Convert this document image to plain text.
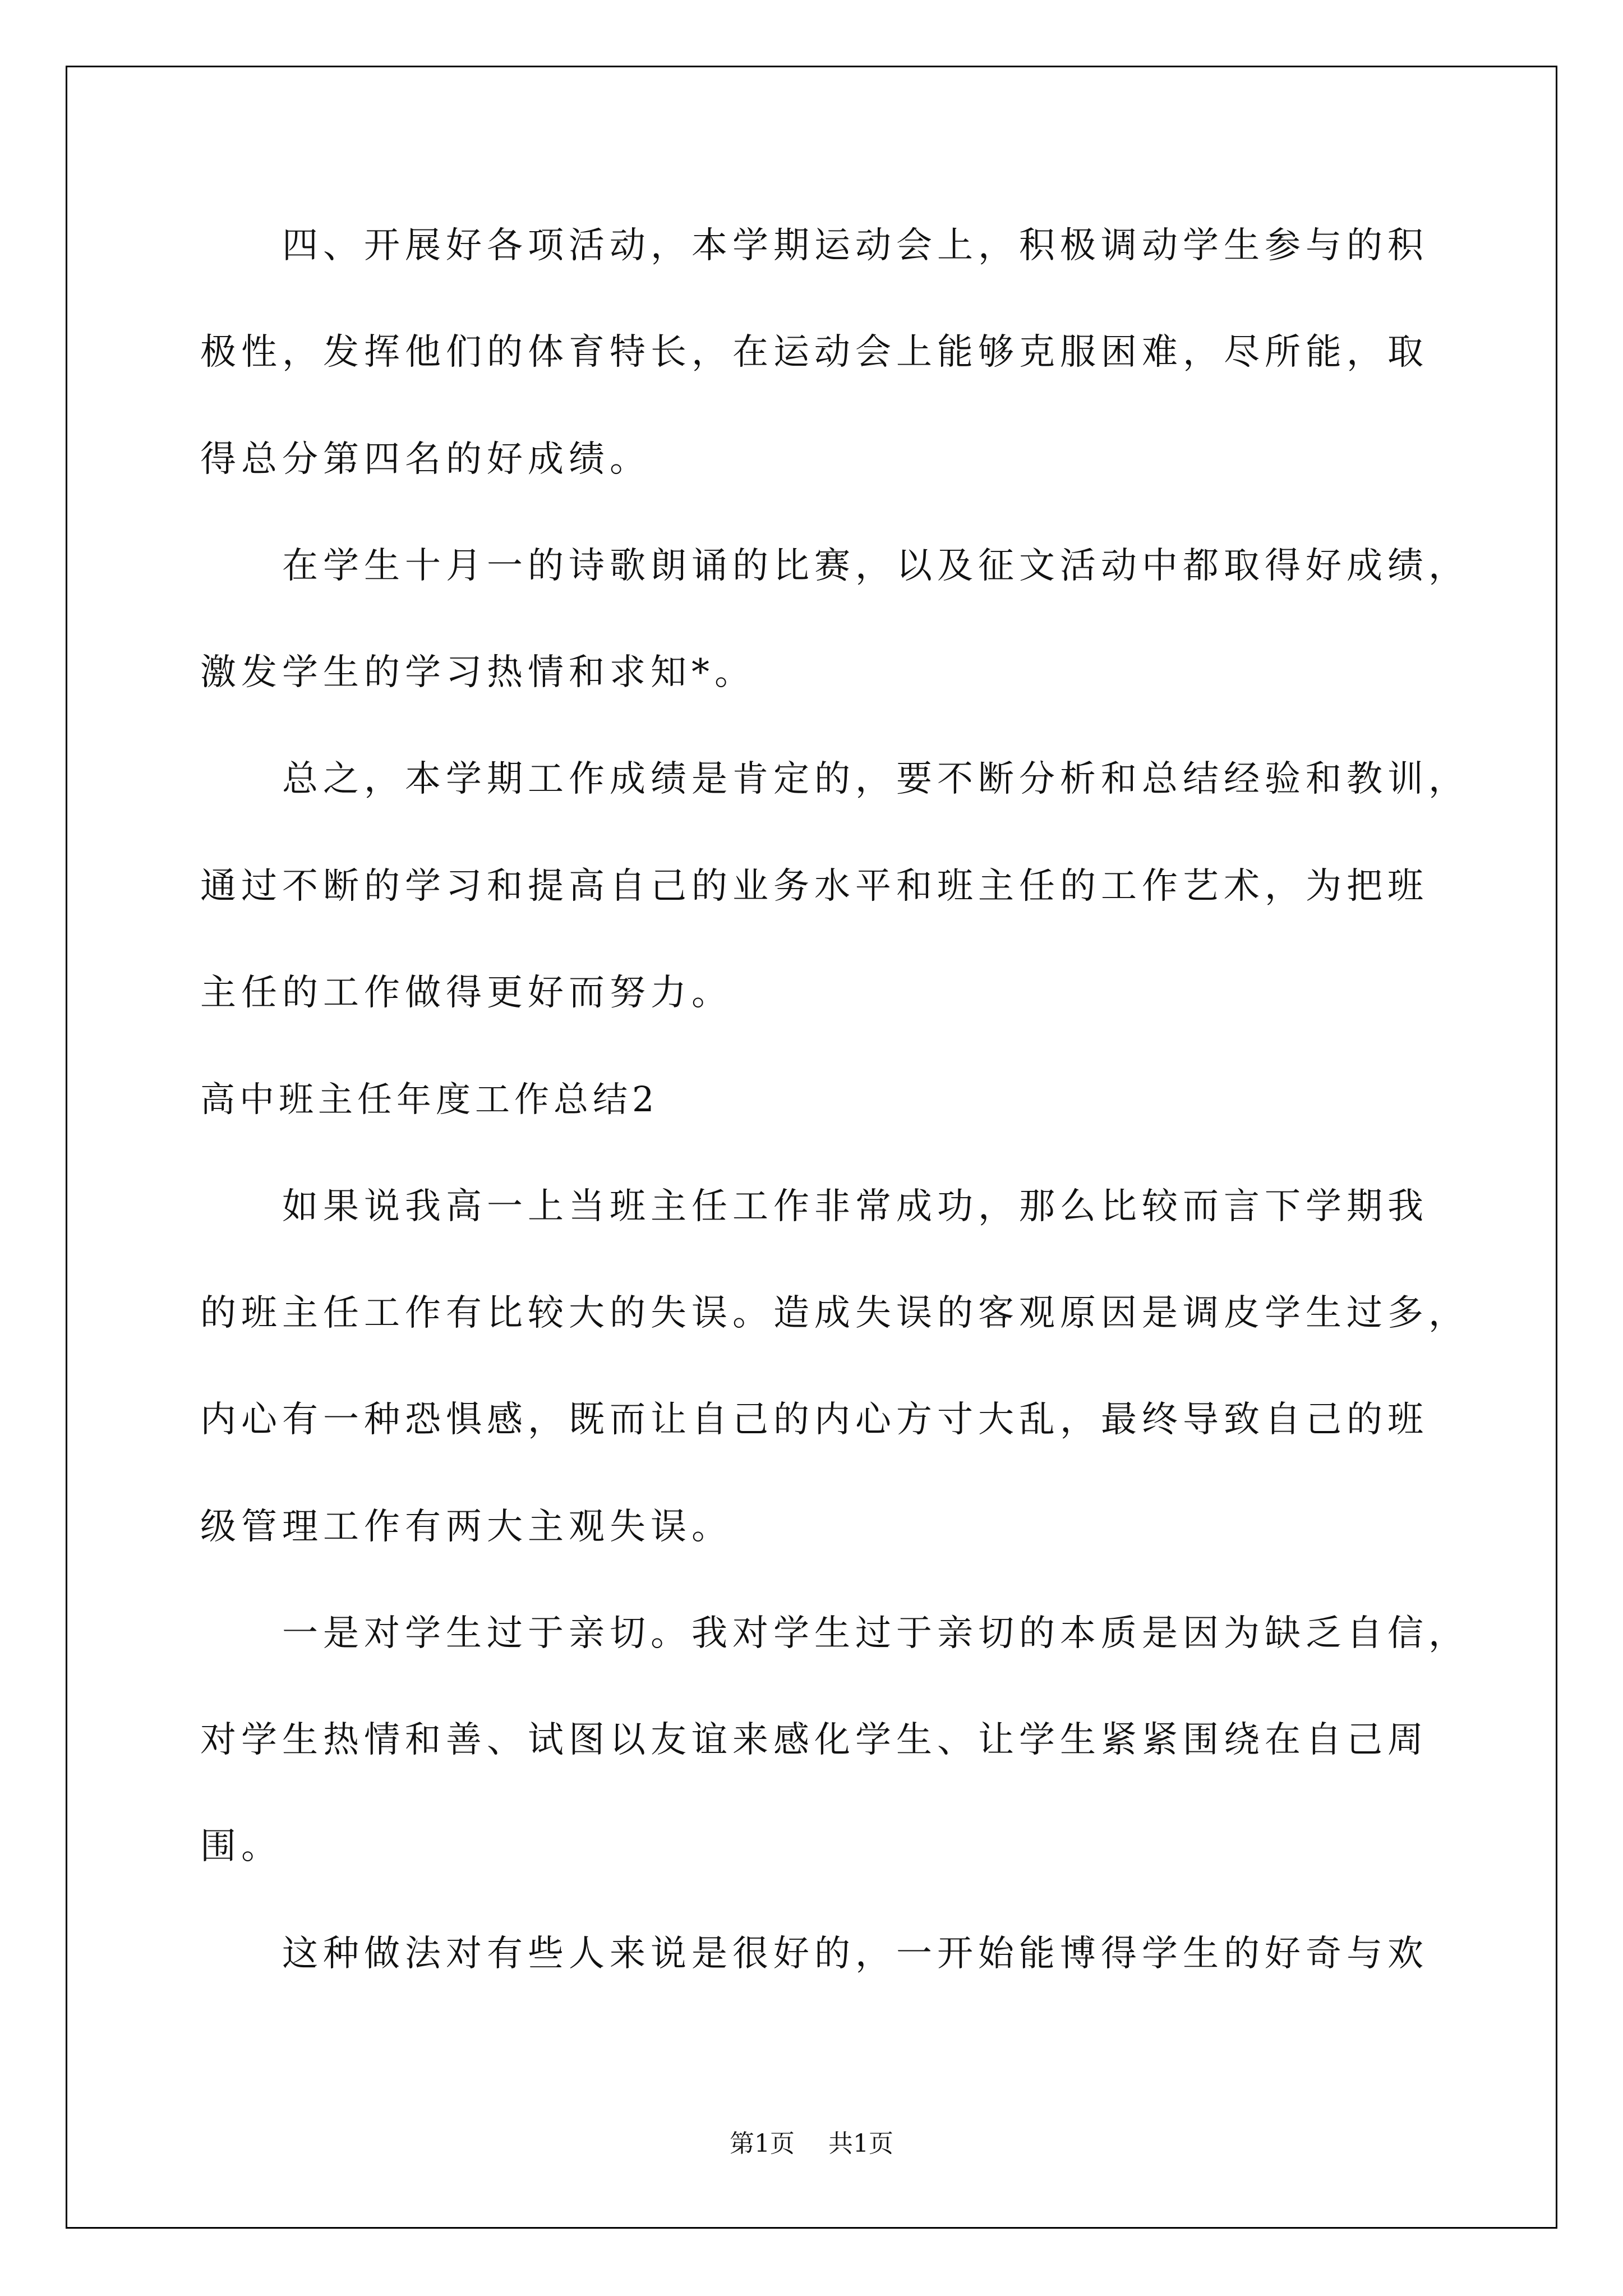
四、开展好各项活动，本学期运动会上，积极调动学生参与的积
极性，发挥他们的体育特长，在运动会上能够克服困难，尽所能，取
得总分第四名的好成绩。
在学生十月一的诗歌朗诵的比赛，以及征文活动中都取得好成绩，
激发学生的学习热情和求知*。
总之，本学期工作成绩是肯定的，要不断分析和总结经验和教训，
通过不断的学习和提高自己的业务水平和班主任的工作艺术，为把班
主任的工作做得更好而努力。
高中班主任年度工作总结2
如果说我高一上当班主任工作非常成功，那么比较而言下学期我
的班主任工作有比较大的失误。造成失误的客观原因是调皮学生过多，
内心有一种恐惧感，既而让自己的内心方寸大乱，最终导致自己的班
级管理工作有两大主观失误。
一是对学生过于亲切。我对学生过于亲切的本质是因为缺乏自信，
对学生热情和善、试图以友谊来感化学生、让学生紧紧围绕在自己周
围。
这种做法对有些人来说是很好的，一开始能博得学生的好奇与欢
第1页 共1页
